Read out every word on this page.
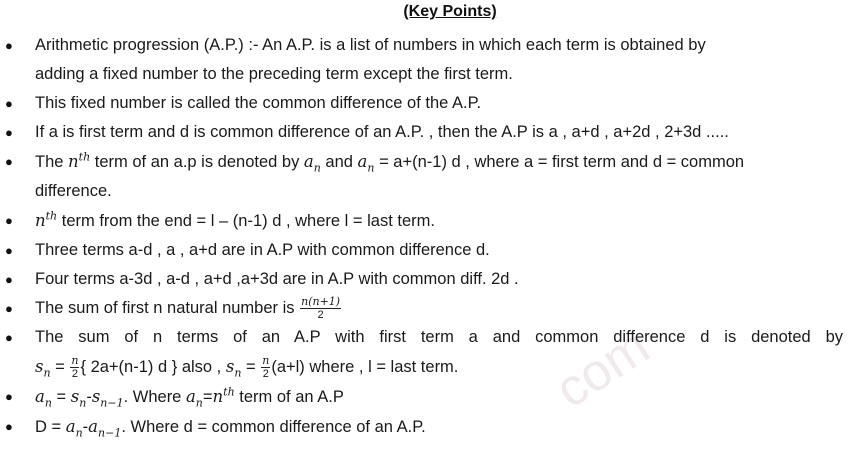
(Key Points)
com
● Arithmetic progression (A.P.) :- An A.P. is a list of numbers in which each term is obtained by
adding a fixed number to the preceding term except the first term.
● This fixed number is called the common difference of the A.P.
● If a is first term and d is common difference of an A.P. , then the A.P is a , a+d , a+2d , 2+3d .....
● The $n^{th}$ term of an a.p is denoted by $a_n$ and $a_n = a+(n-1)$ d , where a = first term and d = common
difference.
● $n^{th}$ term from the end = l – (n-1) d , where l = last term.
● Three terms a-d , a , a+d are in A.P with common difference d.
● Four terms a-3d , a-d , a+d ,a+3d are in A.P with common diff. 2d .
● The sum of first n natural number is $\frac{n(n+1)}{2}$
● The sum of n terms of an A.P with first term a and common difference d is denoted by
$s_n = \frac{n}{2}$ { 2a+(n-1) d } also , $s_n = \frac{n}{2} (a+l)$ where , l = last term.
● $a_n = s_n-s_{n-1}$. Where $a_n=n^{th}$ term of an A.P
● $D = a_n-a_{n-1}$. Where d = common difference of an A.P.
